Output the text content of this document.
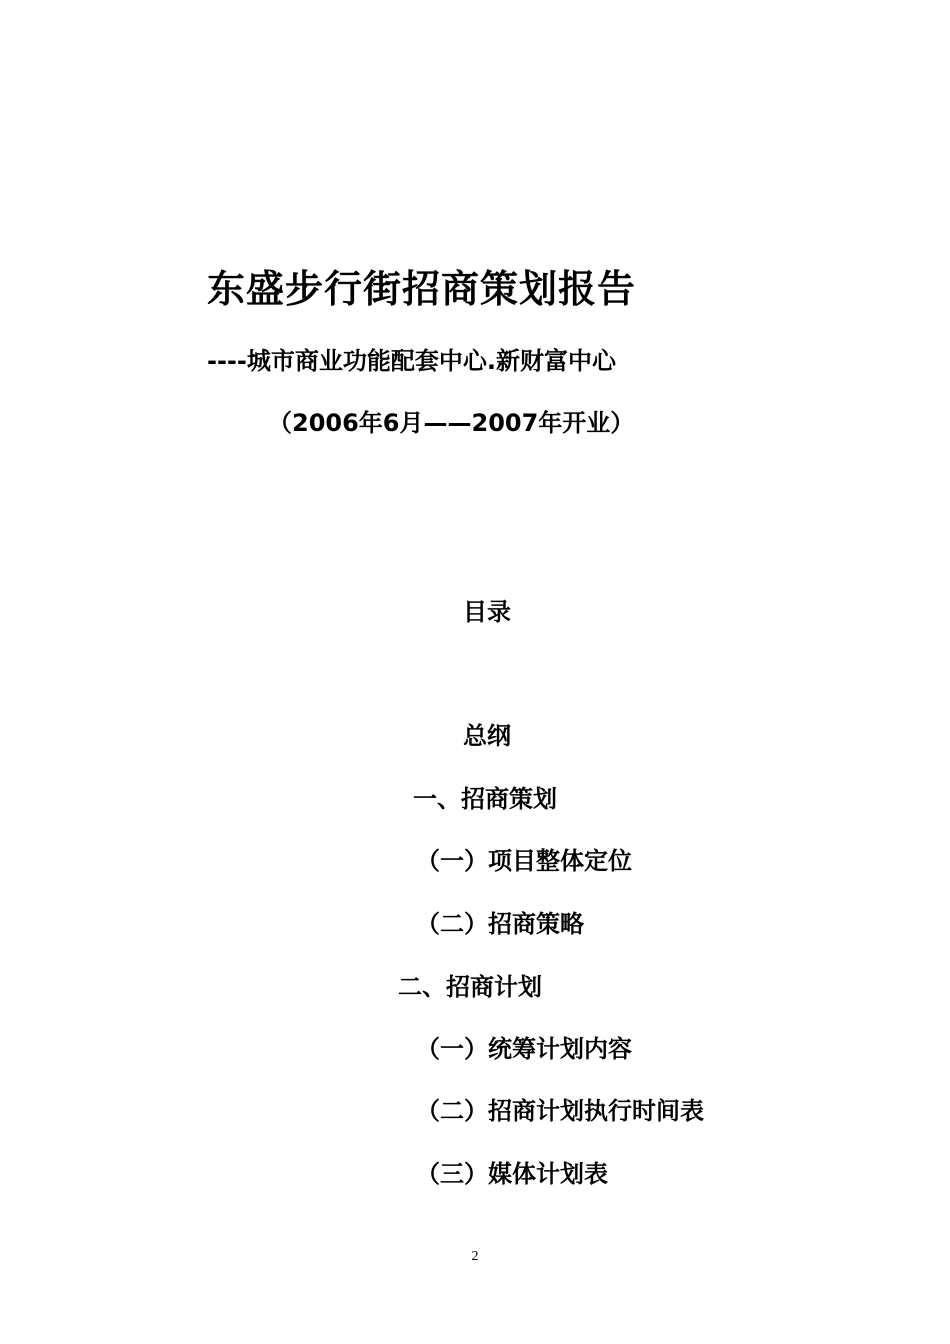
东盛步行街招商策划报告

----城市商业功能配套中心.新财富中心

（2006年6月——2007年开业）

目录

总纲

一、招商策划

（一）项目整体定位

（二）招商策略

二、招商计划

（一）统筹计划内容

（二）招商计划执行时间表

（三）媒体计划表

2
